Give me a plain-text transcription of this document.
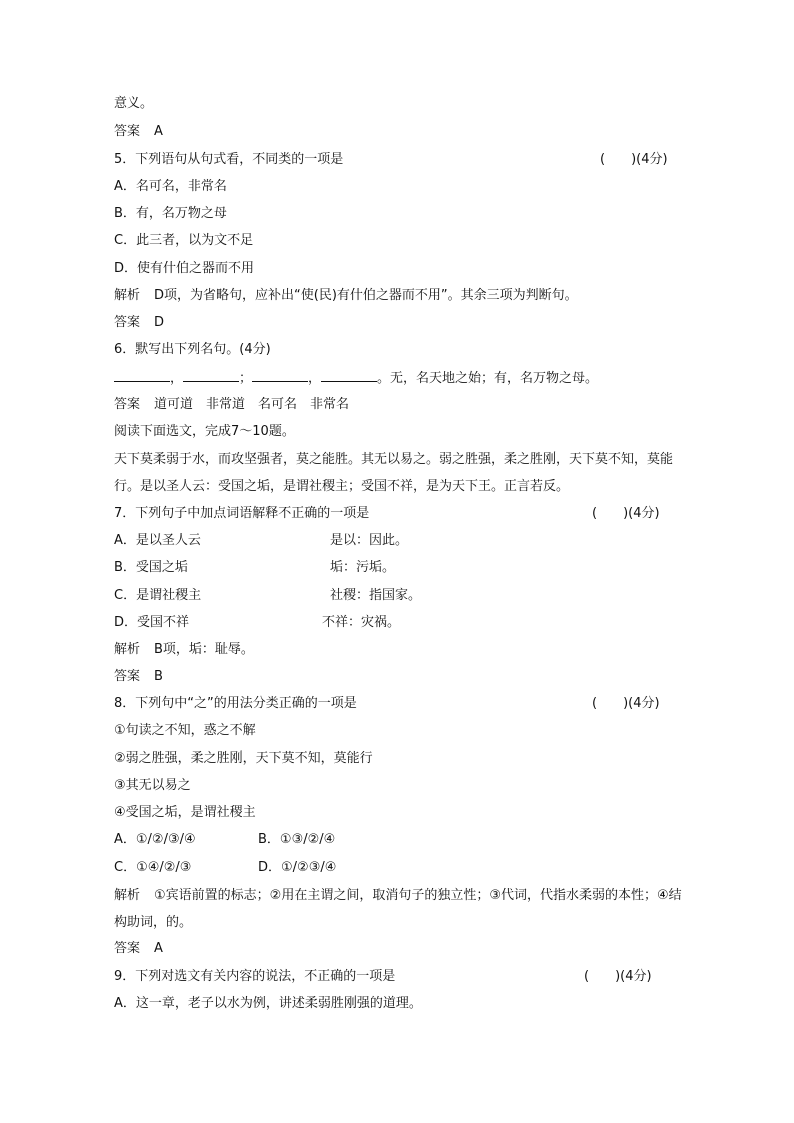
意义。
答案 A
5．下列语句从句式看，不同类的一项是	(　　)(4分)
A．名可名，非常名
B．有，名万物之母
C．此三者，以为文不足
D．使有什伯之器而不用
解析 D项，为省略句，应补出“使(民)有什伯之器而不用”。其余三项为判断句。
答案 D
6．默写出下列名句。(4分)
，	；	，	。无，名天地之始；有，名万物之母。
答案 道可道　非常道　名可名　非常名
阅读下面选文，完成7～10题。
天下莫柔弱于水，而攻坚强者，莫之能胜。其无以易之。弱之胜强，柔之胜刚，天下莫不知，莫能行。是以圣人云：受国之垢，是谓社稷主；受国不祥，是为天下王。正言若反。
7．下列句子中加点词语解释不正确的一项是	(　　)(4分)
A．是以圣人云	是以：因此。
B．受国之垢	垢：污垢。
C．是谓社稷主	社稷：指国家。
D．受国不祥	不祥：灾祸。
解析 B项，垢：耻辱。
答案 B
8．下列句中“之”的用法分类正确的一项是	(　　)(4分)
①句读之不知，惑之不解
②弱之胜强，柔之胜刚，天下莫不知，莫能行
③其无以易之
④受国之垢，是谓社稷主
A．①/②/③/④	B．①③/②/④
C．①④/②/③	D．①/②③/④
解析 ①宾语前置的标志；②用在主谓之间，取消句子的独立性；③代词，代指水柔弱的本性；④结构助词，的。
答案 A
9．下列对选文有关内容的说法，不正确的一项是	(　　)(4分)
A．这一章，老子以水为例，讲述柔弱胜刚强的道理。
